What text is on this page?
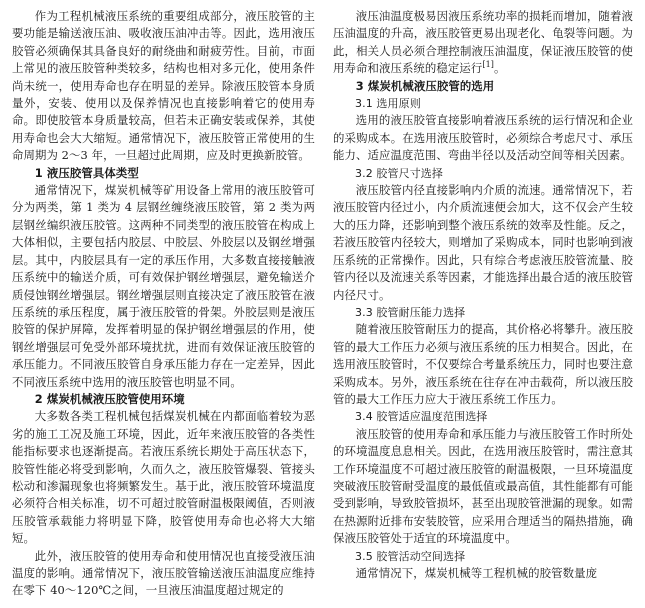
作为工程机械液压系统的重要组成部分，液压胶管的主要功能是输送液压油、吸收液压油冲击等。因此，选用液压胶管必须确保其具备良好的耐绕曲和耐疲劳性。目前，市面上常见的液压胶管种类较多，结构也相对多元化，使用条件尚未统一，使用寿命也存在明显的差异。除液压胶管本身质量外，安装、使用以及保养情况也直接影响着它的使用寿命。即使胶管本身质量较高，但若未正确安装或保养，其使用寿命也会大大缩短。通常情况下，液压胶管正常使用的生命周期为 2～3 年，一旦超过此周期，应及时更换新胶管。

1 液压胶管具体类型

通常情况下，煤炭机械等矿用设备上常用的液压胶管可分为两类，第 1 类为 4 层钢丝缠绕液压胶管，第 2 类为两层钢丝编织液压胶管。这两种不同类型的液压胶管在构成上大体相似，主要包括内胶层、中胶层、外胶层以及钢丝增强层。其中，内胶层具有一定的承压作用，大多数直接接触液压系统中的输送介质，可有效保护钢丝增强层，避免输送介质侵蚀钢丝增强层。钢丝增强层则直接决定了液压胶管在液压系统的承压程度，属于液压胶管的骨架。外胶层则是液压胶管的保护屏障，发挥着明显的保护钢丝增强层的作用，使钢丝增强层可免受外部环境扰扰，进而有效保证液压胶管的承压能力。不同液压胶管自身承压能力存在一定差异，因此不同液压系统中选用的液压胶管也明显不同。

2 煤炭机械液压胶管使用环境

大多数各类工程机械包括煤炭机械在内都面临着较为恶劣的施工工况及施工环境，因此，近年来液压胶管的各类性能指标要求也逐渐提高。若液压系统长期处于高压状态下，胶管性能必将受到影响，久而久之，液压胶管爆裂、管接头松动和渗漏现象也将频繁发生。基于此，液压胶管环境温度必须符合相关标准，切不可超过胶管耐温极限阈值，否则液压胶管承载能力将明显下降，胶管使用寿命也必将大大缩短。

此外，液压胶管的使用寿命和使用情况也直接受液压油温度的影响。通常情况下，液压胶管输送液压油温度应维持在零下 40～120℃之间，一旦液压油温度超过规定的

液压油温度极易因液压系统功率的损耗而增加，随着液压油温度的升高，液压胶管更易出现老化、龟裂等问题。为此，相关人员必须合理控制液压油温度，保证液压胶管的使用寿命和液压系统的稳定运行[1]。

3 煤炭机械液压胶管的选用

3.1 选用原则

选用的液压胶管直接影响着液压系统的运行情况和企业的采购成本。在选用液压胶管时，必须综合考虑尺寸、承压能力、适应温度范围、弯曲半径以及活动空间等相关因素。

3.2 胶管尺寸选择

液压胶管内径直接影响内介质的流速。通常情况下，若液压胶管内径过小，内介质流速便会加大，这不仅会产生较大的压力降，还影响到整个液压系统的效率及性能。反之，若液压胶管内径较大，则增加了采购成本，同时也影响到液压系统的正常操作。因此，只有综合考虑液压胶管流量、胶管内径以及流速关系等因素，才能选择出最合适的液压胶管内径尺寸。

3.3 胶管耐压能力选择

随着液压胶管耐压力的提高，其价格必将攀升。液压胶管的最大工作压力必须与液压系统的压力相契合。因此，在选用液压胶管时，不仅要综合考量系统压力，同时也要注意采购成本。另外，液压系统在往存在冲击载荷，所以液压胶管的最大工作压力应大于液压系统工作压力。

3.4 胶管适应温度范围选择

液压胶管的使用寿命和承压能力与液压胶管工作时所处的环境温度息息相关。因此，在选用液压胶管时，需注意其工作环境温度不可超过液压胶管的耐温极限，一旦环境温度突破液压胶管耐受温度的最低值或最高值，其性能都有可能受到影响，导致胶管损坏，甚至出现胶管泄漏的现象。如需在热源附近排布安装胶管，应采用合理适当的隔热措施，确保液压胶管处于适宜的环境温度中。

3.5 胶管活动空间选择

通常情况下，煤炭机械等工程机械的胶管数量庞
